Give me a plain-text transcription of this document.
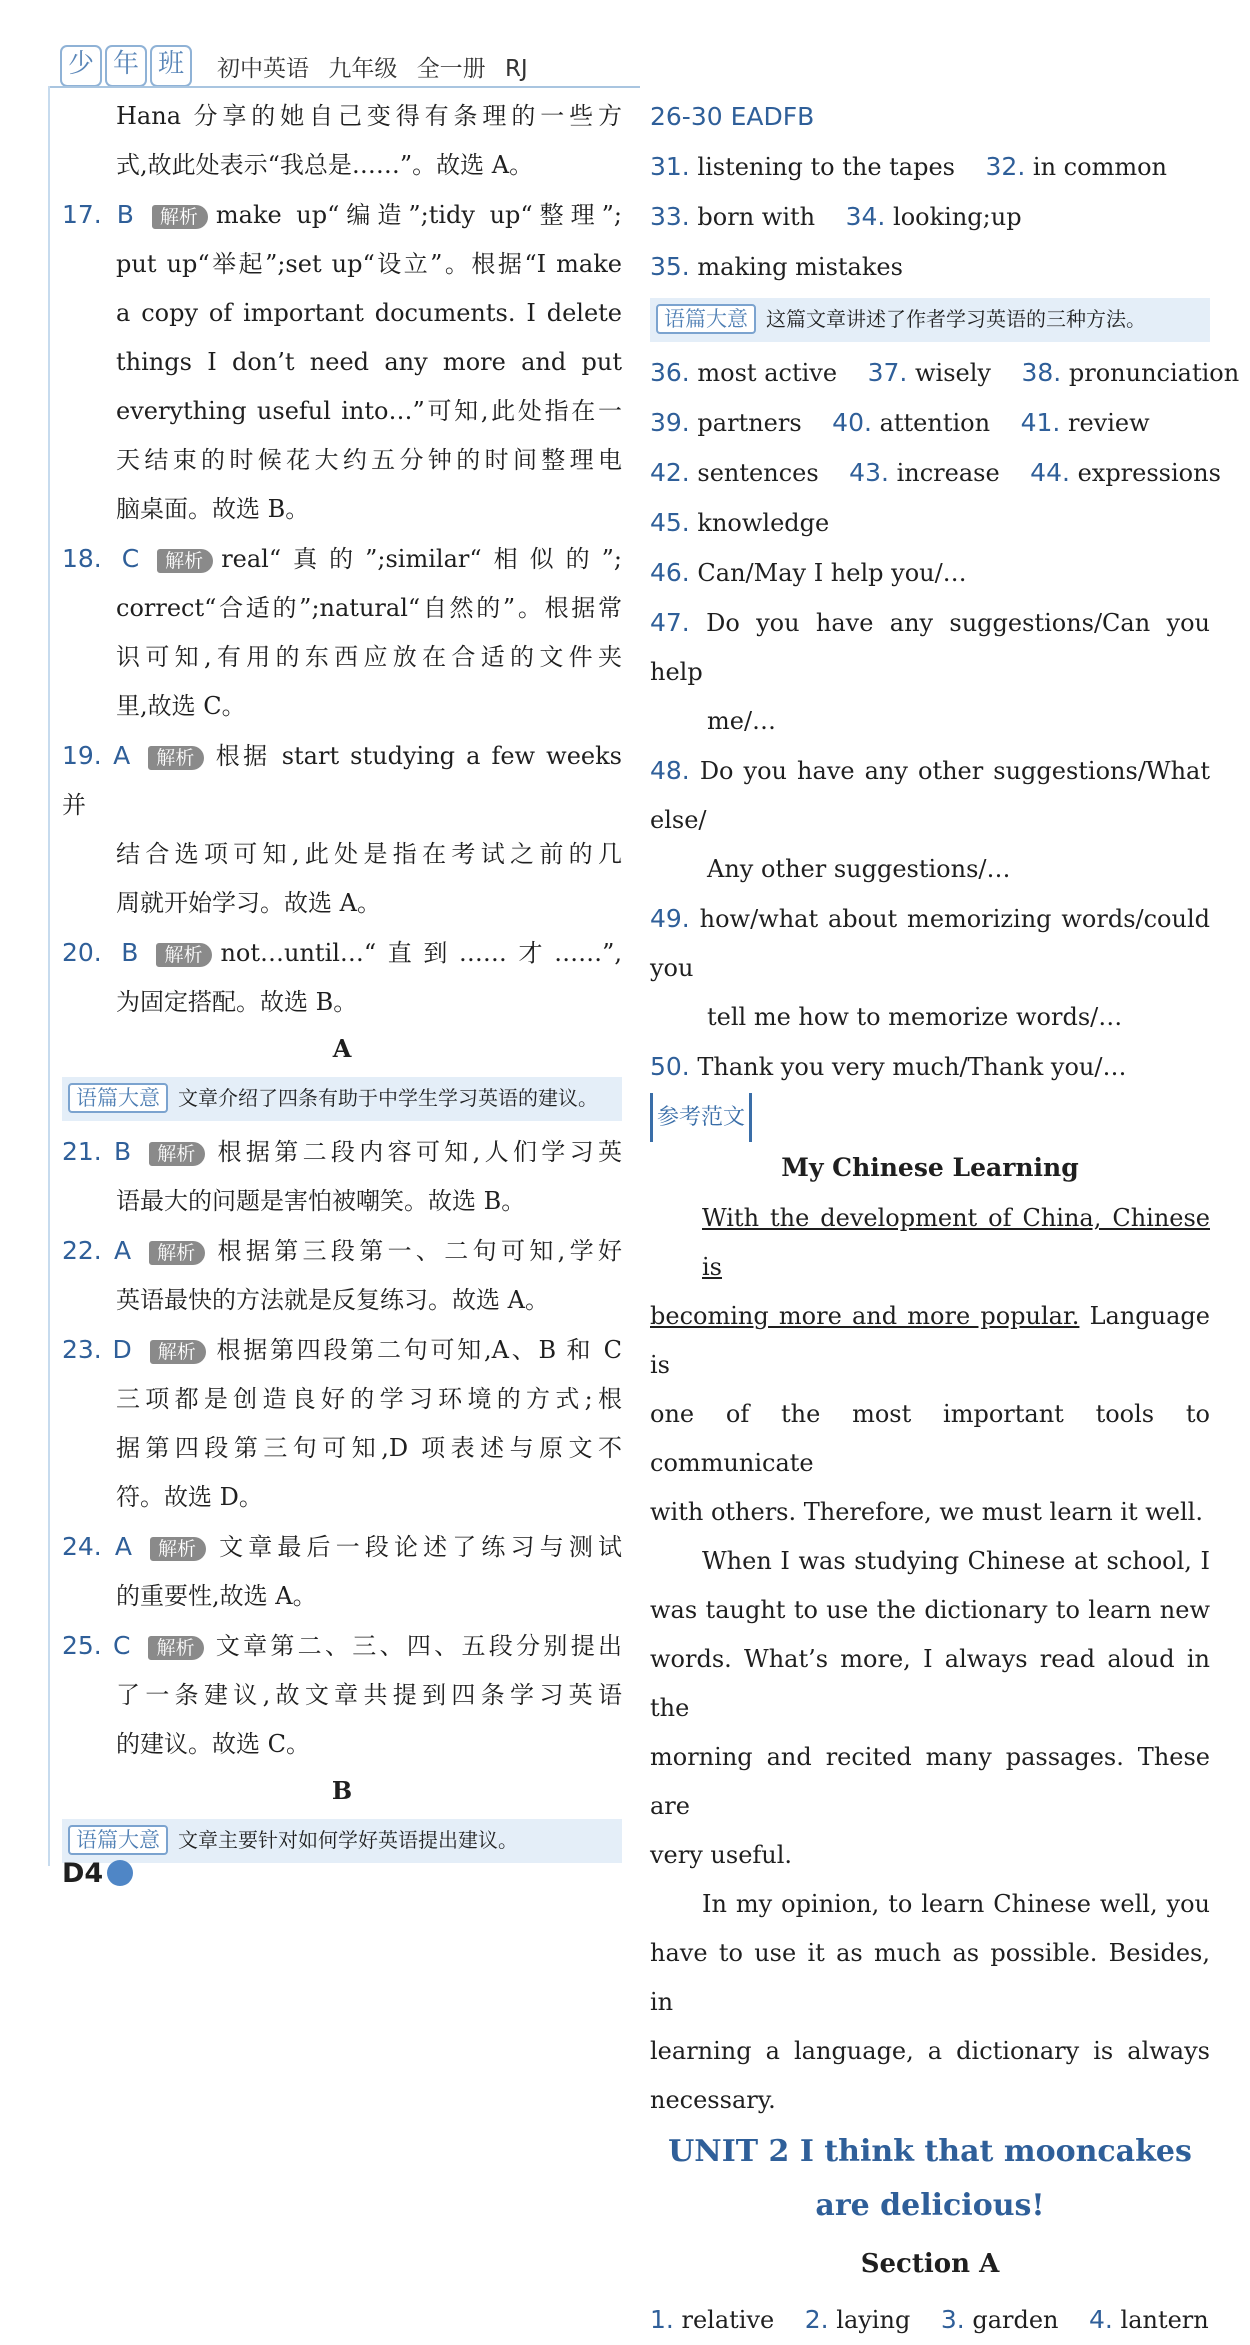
少 年 班	初中英语 九年级 全一册 RJ

Hana 分享的她自己变得有条理的一些方

式,故此处表示“我总是……”。故选 A。

17. B 解析 make up“编造”;tidy up“整理”;

put up“举起”;set up“设立”。根据“I make

a copy of important documents. I delete

things I don’t need any more and put

everything useful into…”可知,此处指在一

天结束的时候花大约五分钟的时间整理电

脑桌面。故选 B。

18. C 解析 real“真的”;similar“相似的”;

correct“合适的”;natural“自然的”。根据常

识可知,有用的东西应放在合适的文件夹

里,故选 C。

19. A 解析 根据 start studying a few weeks 并

结合选项可知,此处是指在考试之前的几

周就开始学习。故选 A。

20. B 解析 not…until…“直到……才……”,

为固定搭配。故选 B。

A

语篇大意 文章介绍了四条有助于中学生学习英语的建议。

21. B 解析 根据第二段内容可知,人们学习英

语最大的问题是害怕被嘲笑。故选 B。

22. A 解析 根据第三段第一、二句可知,学好

英语最快的方法就是反复练习。故选 A。

23. D 解析 根据第四段第二句可知,A、B 和 C

三项都是创造良好的学习环境的方式;根

据第四段第三句可知,D 项表述与原文不

符。故选 D。

24. A 解析 文章最后一段论述了练习与测试

的重要性,故选 A。

25. C 解析 文章第二、三、四、五段分别提出

了一条建议,故文章共提到四条学习英语

的建议。故选 C。

B

语篇大意 文章主要针对如何学好英语提出建议。

26-30 EADFB

31. listening to the tapes 32. in common

33. born with 34. looking;up

35. making mistakes

语篇大意 这篇文章讲述了作者学习英语的三种方法。

36. most active 37. wisely 38. pronunciation

39. partners 40. attention 41. review

42. sentences 43. increase 44. expressions

45. knowledge

46. Can/May I help you/…

47. Do you have any suggestions/Can you help

me/…

48. Do you have any other suggestions/What else/

Any other suggestions/…

49. how/what about memorizing words/could you

tell me how to memorize words/…

50. Thank you very much/Thank you/…

参考范文

My Chinese Learning

With the development of China, Chinese is

becoming more and more popular. Language is

one of the most important tools to communicate

with others. Therefore, we must learn it well.

When I was studying Chinese at school, I

was taught to use the dictionary to learn new

words. What’s more, I always read aloud in the

morning and recited many passages. These are

very useful.

In my opinion, to learn Chinese well, you

have to use it as much as possible. Besides, in

learning a language, a dictionary is always

necessary.

UNIT 2 I think that mooncakes

are delicious!

Section A

1. relative 2. laying 3. garden 4. lantern

D4
